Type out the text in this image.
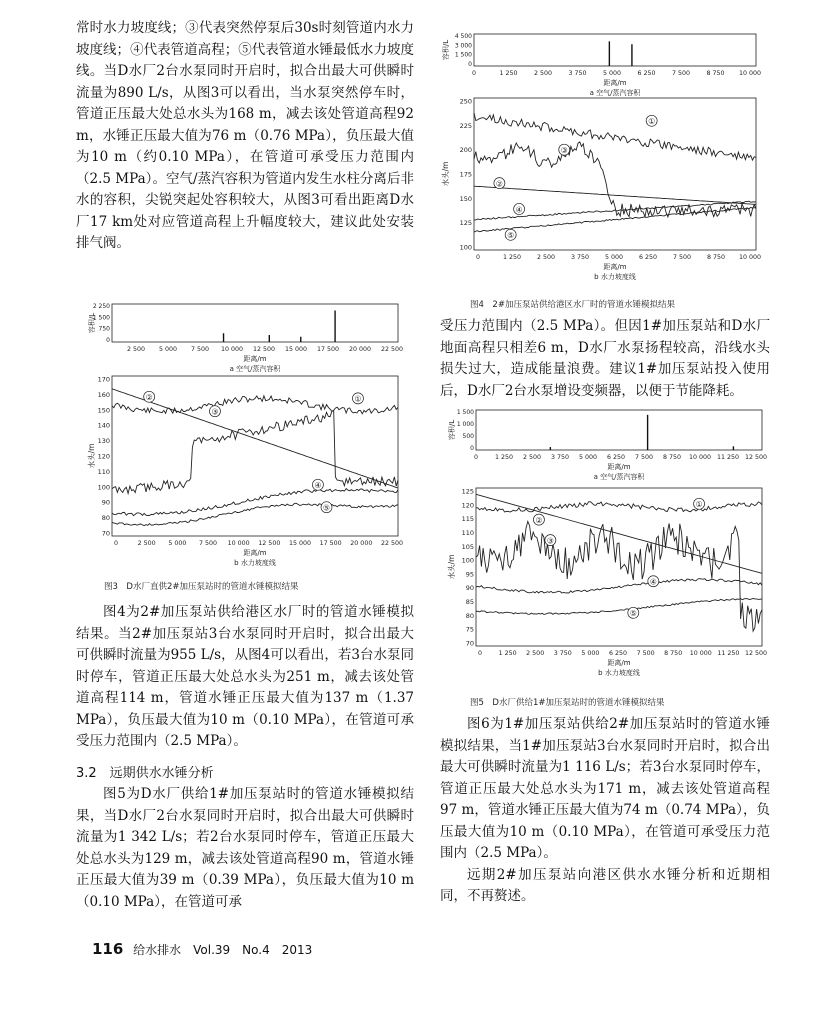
常时水力坡度线；③代表突然停泵后30s时刻管道内水力坡度线；④代表管道高程；⑤代表管道水锤最低水力坡度线。当D水厂2台水泵同时开启时，拟合出最大可供瞬时流量为890 L/s，从图3可以看出，当水泵突然停车时，管道正压最大处总水头为168 m，减去该处管道高程92 m，水锤正压最大值为76 m（0.76 MPa），负压最大值为10 m（约0.10 MPa），在管道可承受压力范围内（2.5 MPa）。空气/蒸汽容积为管道内发生水柱分离后非水的容积，尖锐突起处容积较大，从图3可看出距离D水厂17 km处对应管道高程上升幅度较大，建议此处安装排气阀。

容积/L
2 250
1 500
750
0
2 500 5 000 7 500 10 000 12 500 15 000 17 500 20 000 22 500
距离/m
a 空气/蒸汽容积
水头/m
170
160
150
140
130
120
110
100
90
80
70
0	2 500 5 000 7 500 10 000 12 500 15 000 17 500 20 000 22 500
距离/m
b 水力坡度线
①
②
③
④
⑤
图3　D水厂直供2#加压泵站时的管道水锤模拟结果

图4为2#加压泵站供给港区水厂时的管道水锤模拟结果。当2#加压泵站3台水泵同时开启时，拟合出最大可供瞬时流量为955 L/s，从图4可以看出，若3台水泵同时停车，管道正压最大处总水头为251 m，减去该处管道高程114 m，管道水锤正压最大值为137 m（1.37 MPa），负压最大值为10 m（0.10 MPa），在管道可承受压力范围内（2.5 MPa）。

3.2　远期供水水锤分析

图5为D水厂供给1#加压泵站时的管道水锤模拟结果，当D水厂2台水泵同时开启时，拟合出最大可供瞬时流量为1 342 L/s；若2台水泵同时停车，管道正压最大处总水头为129 m，减去该处管道高程90 m，管道水锤正压最大值为39 m（0.39 MPa），负压最大值为10 m（0.10 MPa），在管道可承

容积/L
4 500
3 000
1 500
0
0	1 250	2 500	3 750	5 000	6 250	7 500	8 750 10 000
距离/m
a 空气/蒸汽容积
水头/m
250
225
200
175
150
125
100
0	1 250	2 500	3 750	5 000	6 250	7 500	8 750 10 000
距离/m
b 水力坡度线
①
②
③
④
⑤
图4　2#加压泵站供给港区水厂时的管道水锤模拟结果

受压力范围内（2.5 MPa）。但因1#加压泵站和D水厂地面高程只相差6 m，D水厂水泵扬程较高，沿线水头损失过大，造成能量浪费。建议1#加压泵站投入使用后，D水厂2台水泵增设变频器，以便于节能降耗。

容积/L
1 500
1 000
500
0
0	1 250 2 500 3 750 5 000 6 250 7 500 8 750 10 000 11 250 12 500
距离/m
a 空气/蒸汽容积
水头/m
125
120
115
110
105
100
95
90
85
80
75
70
0	1 250 2 500 3 750 5 000 6 250 7 500 8 750 10 000 11 250 12 500
距离/m
b 水力坡度线
①
②
③
④
⑤
图5　D水厂供给1#加压泵站时的管道水锤模拟结果

图6为1#加压泵站供给2#加压泵站时的管道水锤模拟结果，当1#加压泵站3台水泵同时开启时，拟合出最大可供瞬时流量为1 116 L/s；若3台水泵同时停车，管道正压最大处总水头为171 m，减去该处管道高程97 m，管道水锤正压最大值为74 m（0.74 MPa），负压最大值为10 m（0.10 MPa），在管道可承受压力范围内（2.5 MPa）。

远期2#加压泵站向港区供水水锤分析和近期相同，不再赘述。

116 给水排水　Vol.39　No.4　2013
